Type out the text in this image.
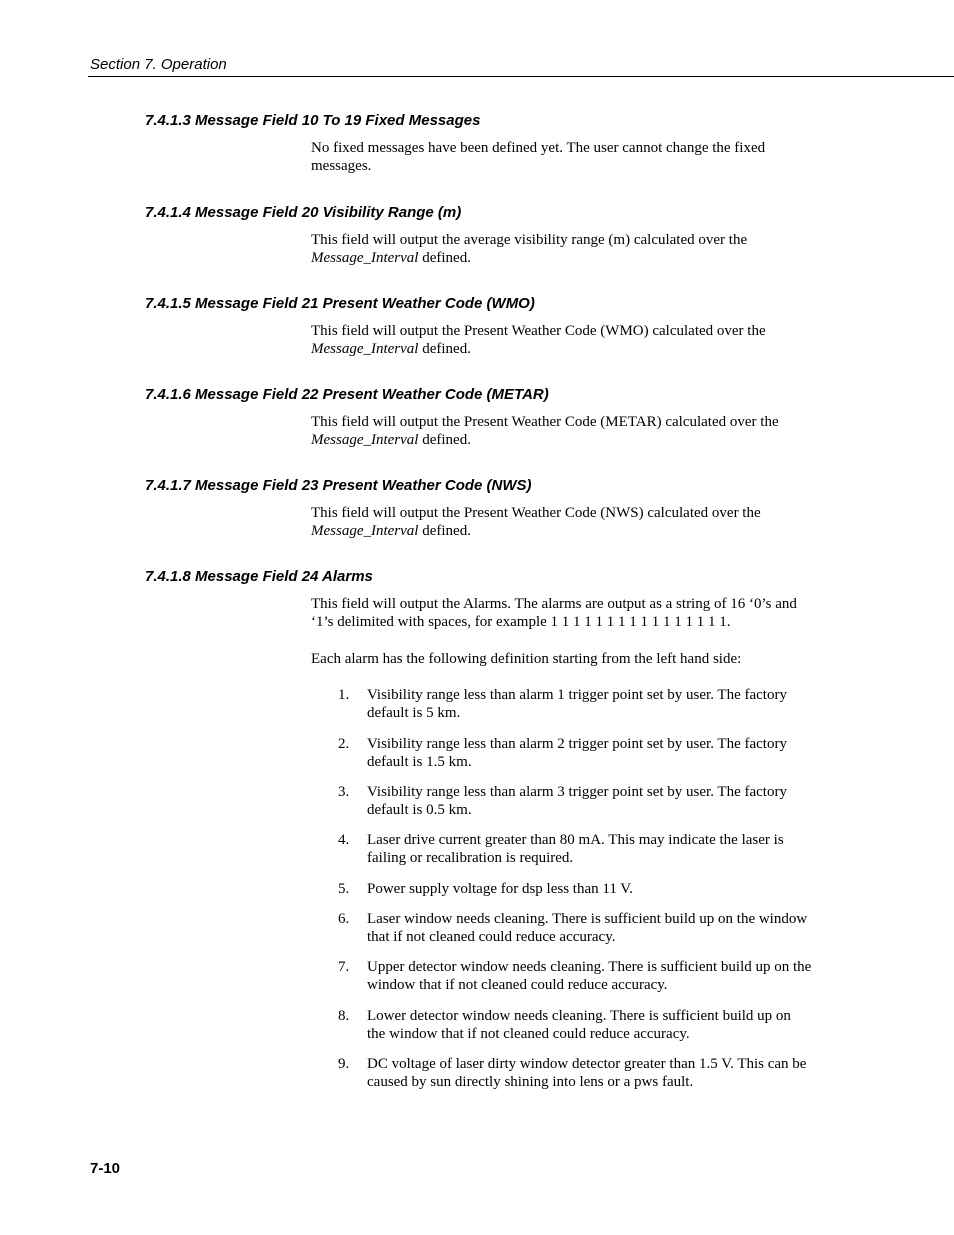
Section 7. Operation
7.4.1.3 Message Field 10 To 19 Fixed Messages
No fixed messages have been defined yet. The user cannot change the fixed messages.
7.4.1.4 Message Field 20 Visibility Range (m)
This field will output the average visibility range (m) calculated over the Message_Interval defined.
7.4.1.5 Message Field 21 Present Weather Code (WMO)
This field will output the Present Weather Code (WMO) calculated over the Message_Interval defined.
7.4.1.6 Message Field 22 Present Weather Code (METAR)
This field will output the Present Weather Code (METAR) calculated over the Message_Interval defined.
7.4.1.7 Message Field 23 Present Weather Code (NWS)
This field will output the Present Weather Code (NWS) calculated over the Message_Interval defined.
7.4.1.8 Message Field 24 Alarms
This field will output the Alarms. The alarms are output as a string of 16 ‘0’s and ‘1’s delimited with spaces, for example 1 1 1 1 1 1 1 1 1 1 1 1 1 1 1 1.
Each alarm has the following definition starting from the left hand side:
1. Visibility range less than alarm 1 trigger point set by user. The factory default is 5 km.
2. Visibility range less than alarm 2 trigger point set by user. The factory default is 1.5 km.
3. Visibility range less than alarm 3 trigger point set by user. The factory default is 0.5 km.
4. Laser drive current greater than 80 mA. This may indicate the laser is failing or recalibration is required.
5. Power supply voltage for dsp less than 11 V.
6. Laser window needs cleaning. There is sufficient build up on the window that if not cleaned could reduce accuracy.
7. Upper detector window needs cleaning. There is sufficient build up on the window that if not cleaned could reduce accuracy.
8. Lower detector window needs cleaning. There is sufficient build up on the window that if not cleaned could reduce accuracy.
9. DC voltage of laser dirty window detector greater than 1.5 V. This can be caused by sun directly shining into lens or a pws fault.
7-10
